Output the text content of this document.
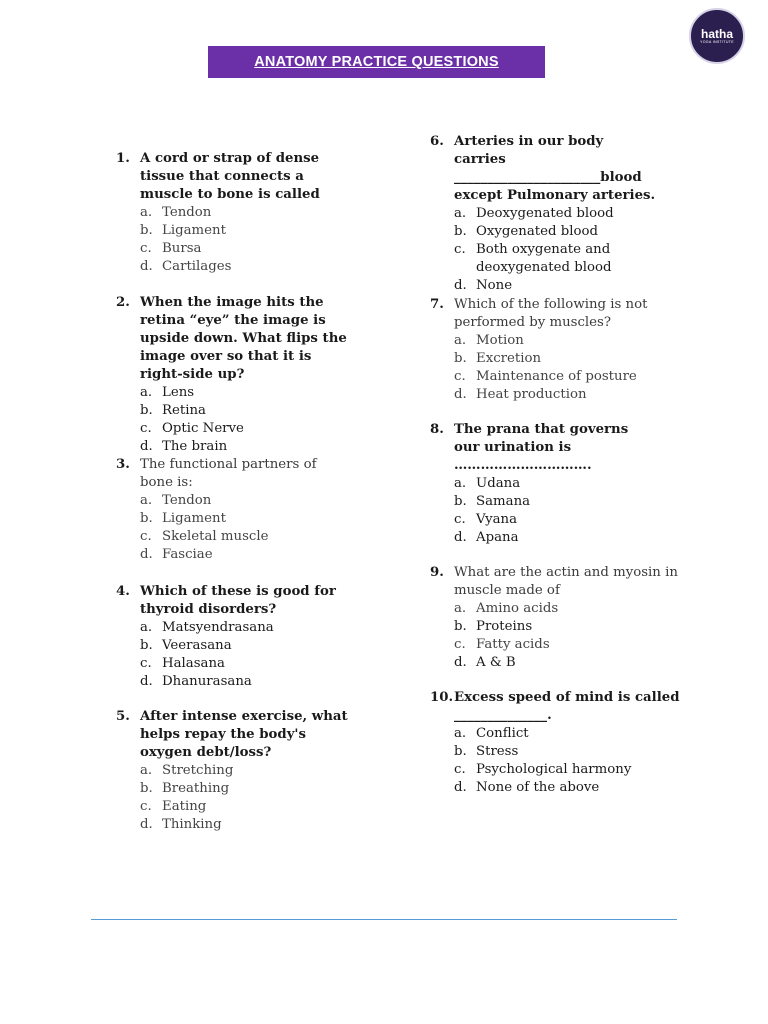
ANATOMY PRACTICE QUESTIONS
hatha
YOGA INSTITUTE
1. A cord or strap of dense tissue that connects a muscle to bone is called
a. Tendon
b. Ligament
c. Bursa
d. Cartilages
2. When the image hits the retina “eye” the image is upside down. What flips the image over so that it is right-side up?
a. Lens
b. Retina
c. Optic Nerve
d. The brain
3. The functional partners of bone is:
a. Tendon
b. Ligament
c. Skeletal muscle
d. Fasciae
4. Which of these is good for thyroid disorders?
a. Matsyendrasana
b. Veerasana
c. Halasana
d. Dhanurasana
5. After intense exercise, what helps repay the body's oxygen debt/loss?
a. Stretching
b. Breathing
c. Eating
d. Thinking
6. Arteries in our body carries ______________________blood except Pulmonary arteries.
a. Deoxygenated blood
b. Oxygenated blood
c. Both oxygenate and deoxygenated blood
d. None
7. Which of the following is not performed by muscles?
a. Motion
b. Excretion
c. Maintenance of posture
d. Heat production
8. The prana that governs our urination is ………………………….
a. Udana
b. Samana
c. Vyana
d. Apana
9. What are the actin and myosin in muscle made of
a. Amino acids
b. Proteins
c. Fatty acids
d. A & B
10. Excess speed of mind is called ______________.
a. Conflict
b. Stress
c. Psychological harmony
d. None of the above
